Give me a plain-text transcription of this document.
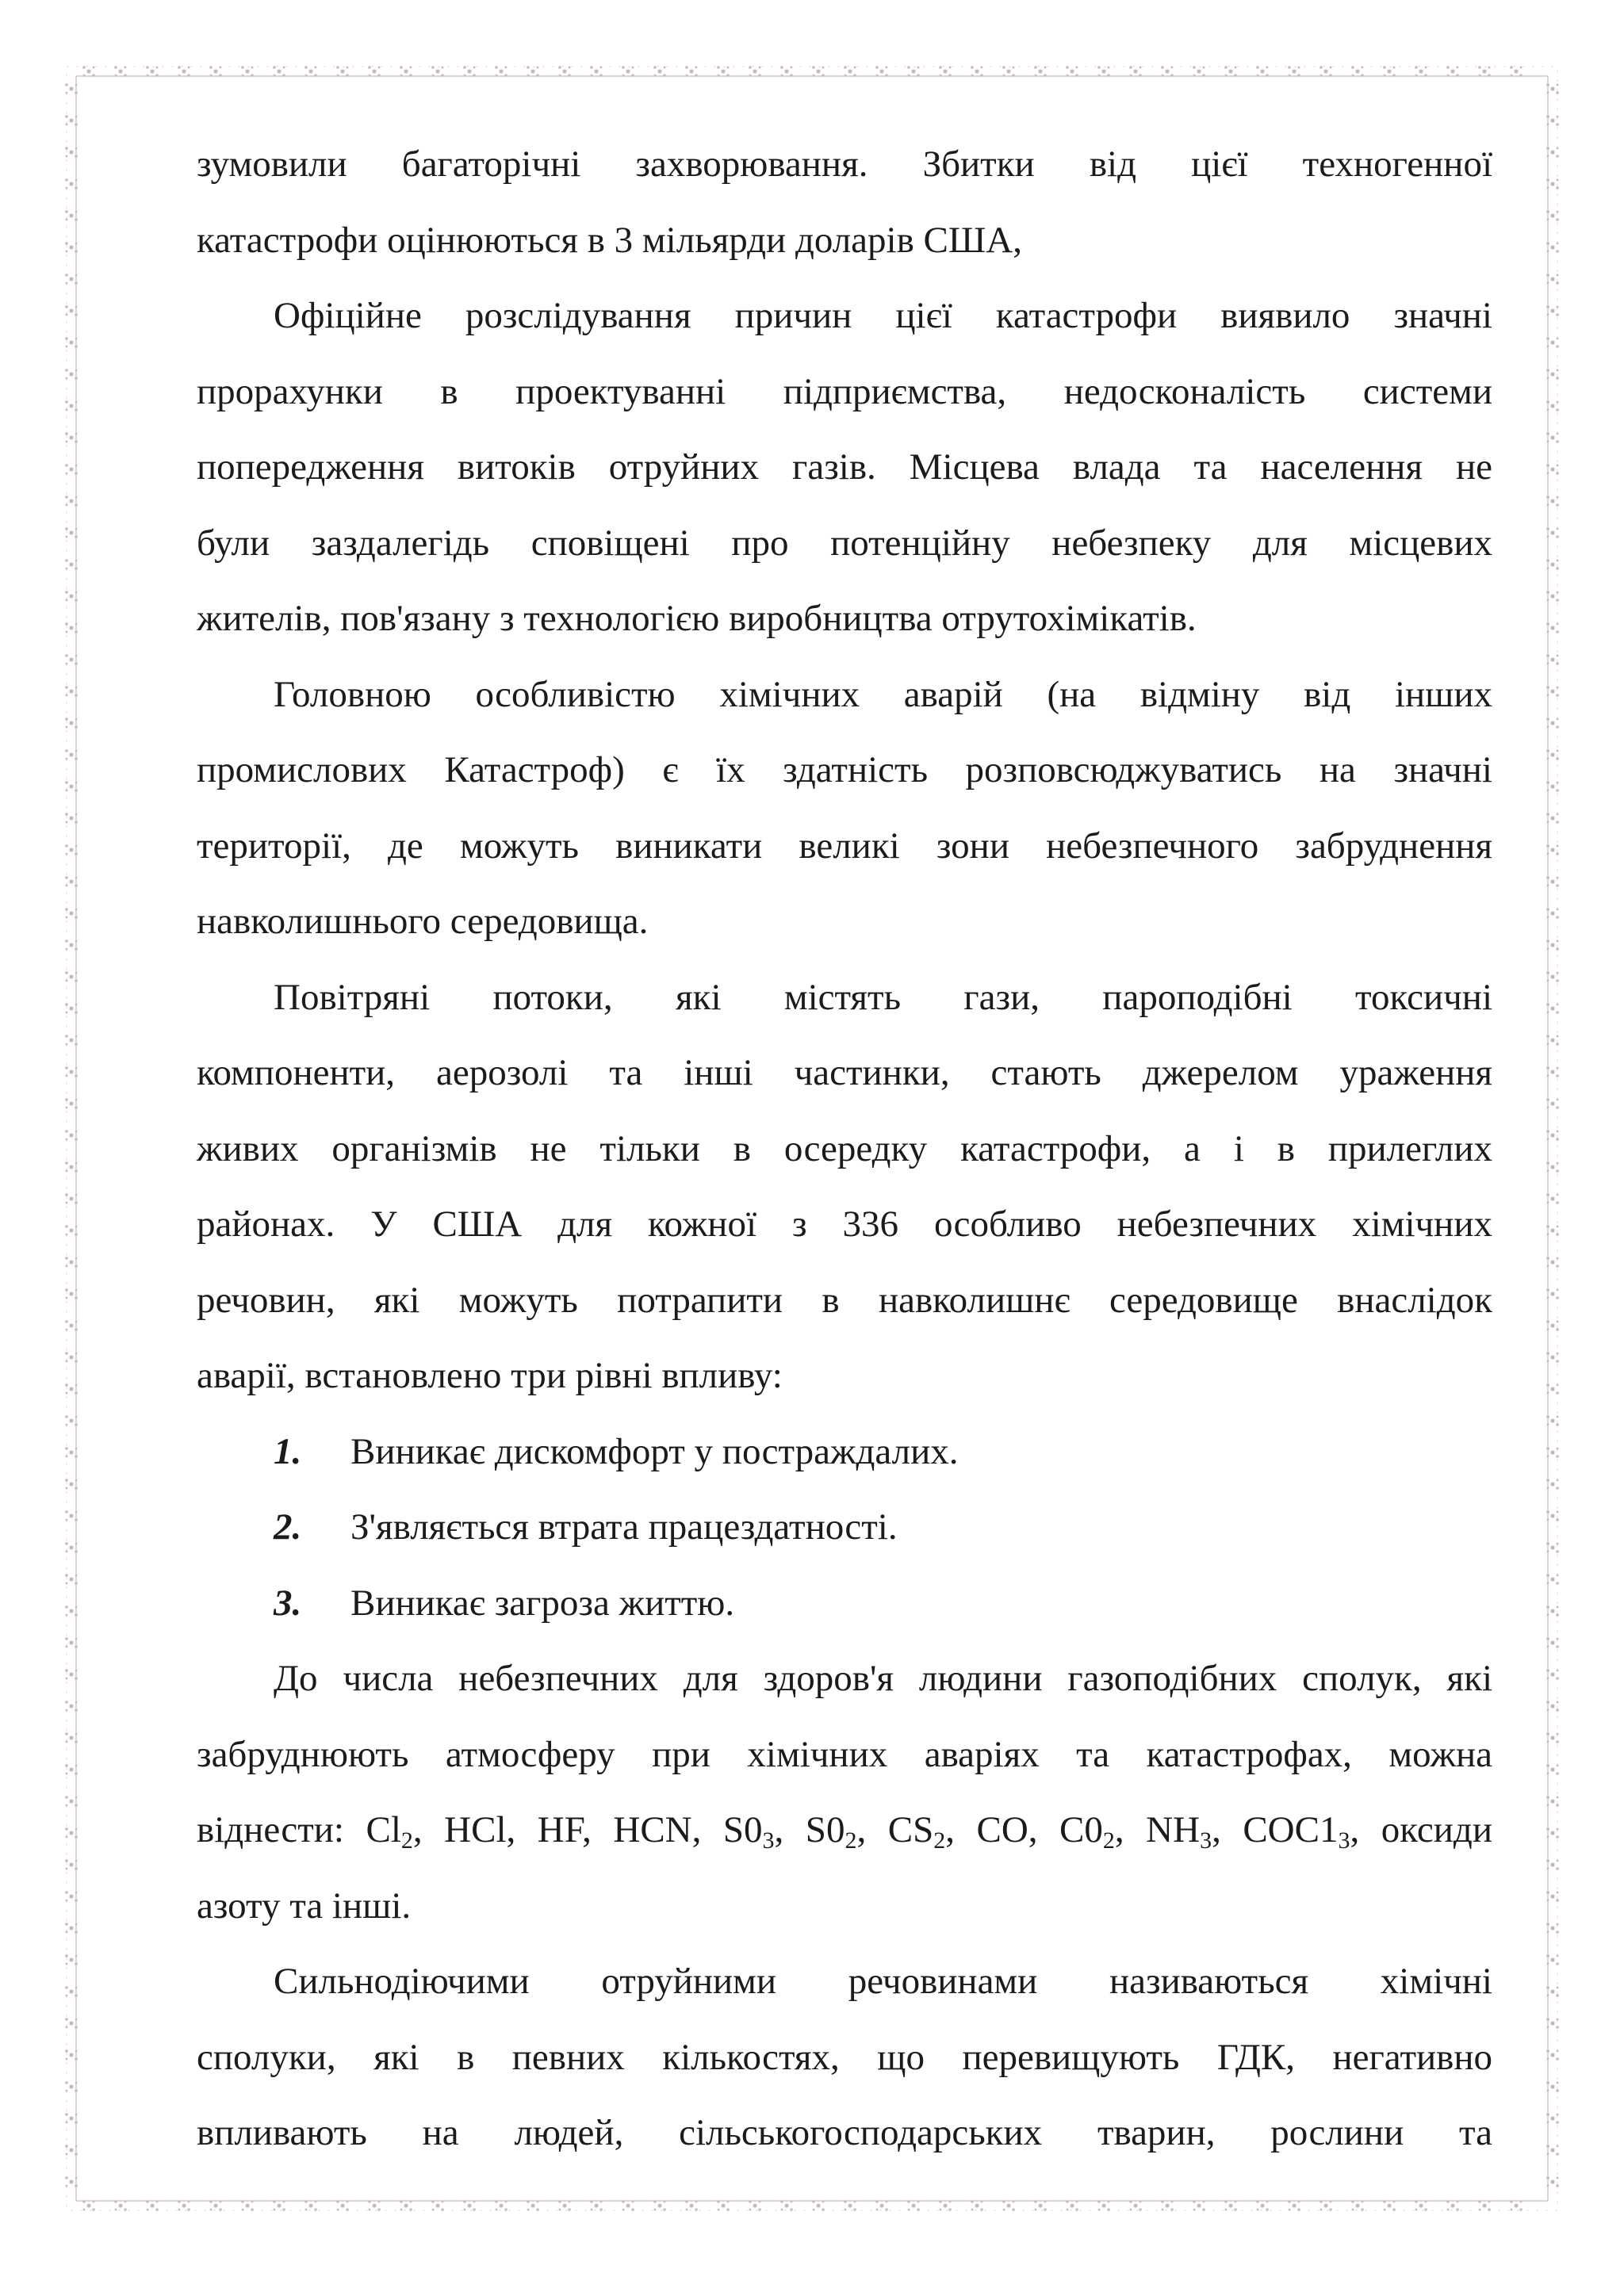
зумовили багаторічні захворювання. Збитки від цієї техногенної

катастрофи оцінюються в 3 мільярди доларів США,

Офіційне розслідування причин цієї катастрофи виявило значні

прорахунки в проектуванні підприємства, недосконалість системи

попередження витоків отруйних газів. Місцева влада та населення не

були заздалегідь сповіщені про потенційну небезпеку для місцевих

жителів, пов'язану з технологією виробництва отрутохімікатів.

Головною особливістю хімічних аварій (на відміну від інших

промислових Катастроф) є їх здатність розповсюджуватись на значні

території, де можуть виникати великі зони небезпечного забруднення

навколишнього середовища.

Повітряні потоки, які містять гази, пароподібні токсичні

компоненти, аерозолі та інші частинки, стають джерелом ураження

живих організмів не тільки в осередку катастрофи, а і в прилеглих

районах. У США для кожної з 336 особливо небезпечних хімічних

речовин, які можуть потрапити в навколишнє середовище внаслідок

аварії, встановлено три рівні впливу:

1.	Виникає дискомфорт у постраждалих.
2.	З'являється втрата працездатності.
3.	Виникає загроза життю.

До числа небезпечних для здоров'я людини газоподібних сполук, які

забруднюють атмосферу при хімічних аваріях та катастрофах, можна

віднести: $Cl_2$, HCl, HF, HCN, $S0_3$, $S0_2$, $CS_2$, CO, $C0_2$, $NH_3$, $COC1_3$, оксиди

азоту та інші.

Сильнодіючими отруйними речовинами називаються хімічні

сполуки, які в певних кількостях, що перевищують ГДК, негативно

впливають на людей, сільськогосподарських тварин, рослини та
